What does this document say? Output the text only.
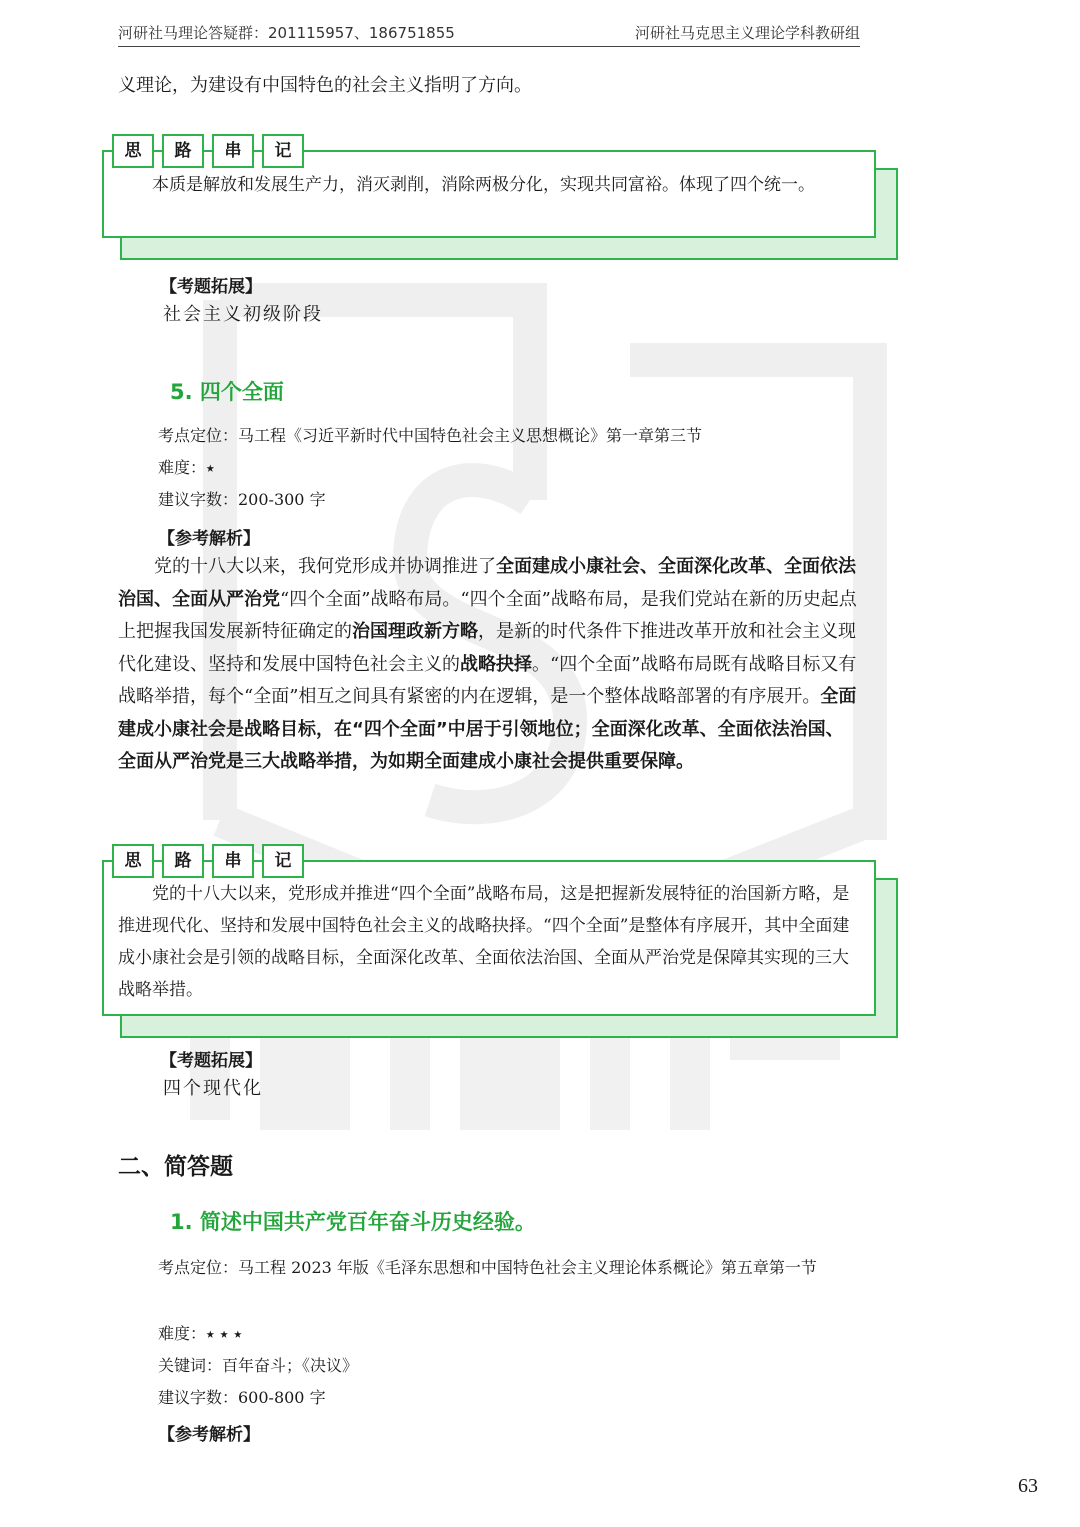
河研社马理论答疑群：201115957、186751855	河研社马克思主义理论学科教研组
义理论，为建设有中国特色的社会主义指明了方向。
思	路	串	记
本质是解放和发展生产力，消灭剥削，消除两极分化，实现共同富裕。体现了四个统一。
【考题拓展】
社会主义初级阶段
5. 四个全面
考点定位：马工程《习近平新时代中国特色社会主义思想概论》第一章第三节
难度：⭑
建议字数：200-300 字
【参考解析】
党的十八大以来，我何党形成并协调推进了全面建成小康社会、全面深化改革、全面依法治国、全面从严治党“四个全面”战略布局。“四个全面”战略布局，是我们党站在新的历史起点上把握我国发展新特征确定的治国理政新方略，是新的时代条件下推进改革开放和社会主义现代化建设、坚持和发展中国特色社会主义的战略抉择。“四个全面”战略布局既有战略目标又有战略举措，每个“全面”相互之间具有紧密的内在逻辑，是一个整体战略部署的有序展开。全面建成小康社会是战略目标，在“四个全面”中居于引领地位；全面深化改革、全面依法治国、全面从严治党是三大战略举措，为如期全面建成小康社会提供重要保障。
思	路	串	记
党的十八大以来，党形成并推进“四个全面”战略布局，这是把握新发展特征的治国新方略，是推进现代化、坚持和发展中国特色社会主义的战略抉择。“四个全面”是整体有序展开，其中全面建成小康社会是引领的战略目标，全面深化改革、全面依法治国、全面从严治党是保障其实现的三大战略举措。
【考题拓展】
四个现代化
二、简答题
1. 简述中国共产党百年奋斗历史经验。
考点定位：马工程 2023 年版《毛泽东思想和中国特色社会主义理论体系概论》第五章第一节
难度：⭑ ⭑ ⭑
关键词：百年奋斗；《决议》
建议字数：600-800 字
【参考解析】
63
